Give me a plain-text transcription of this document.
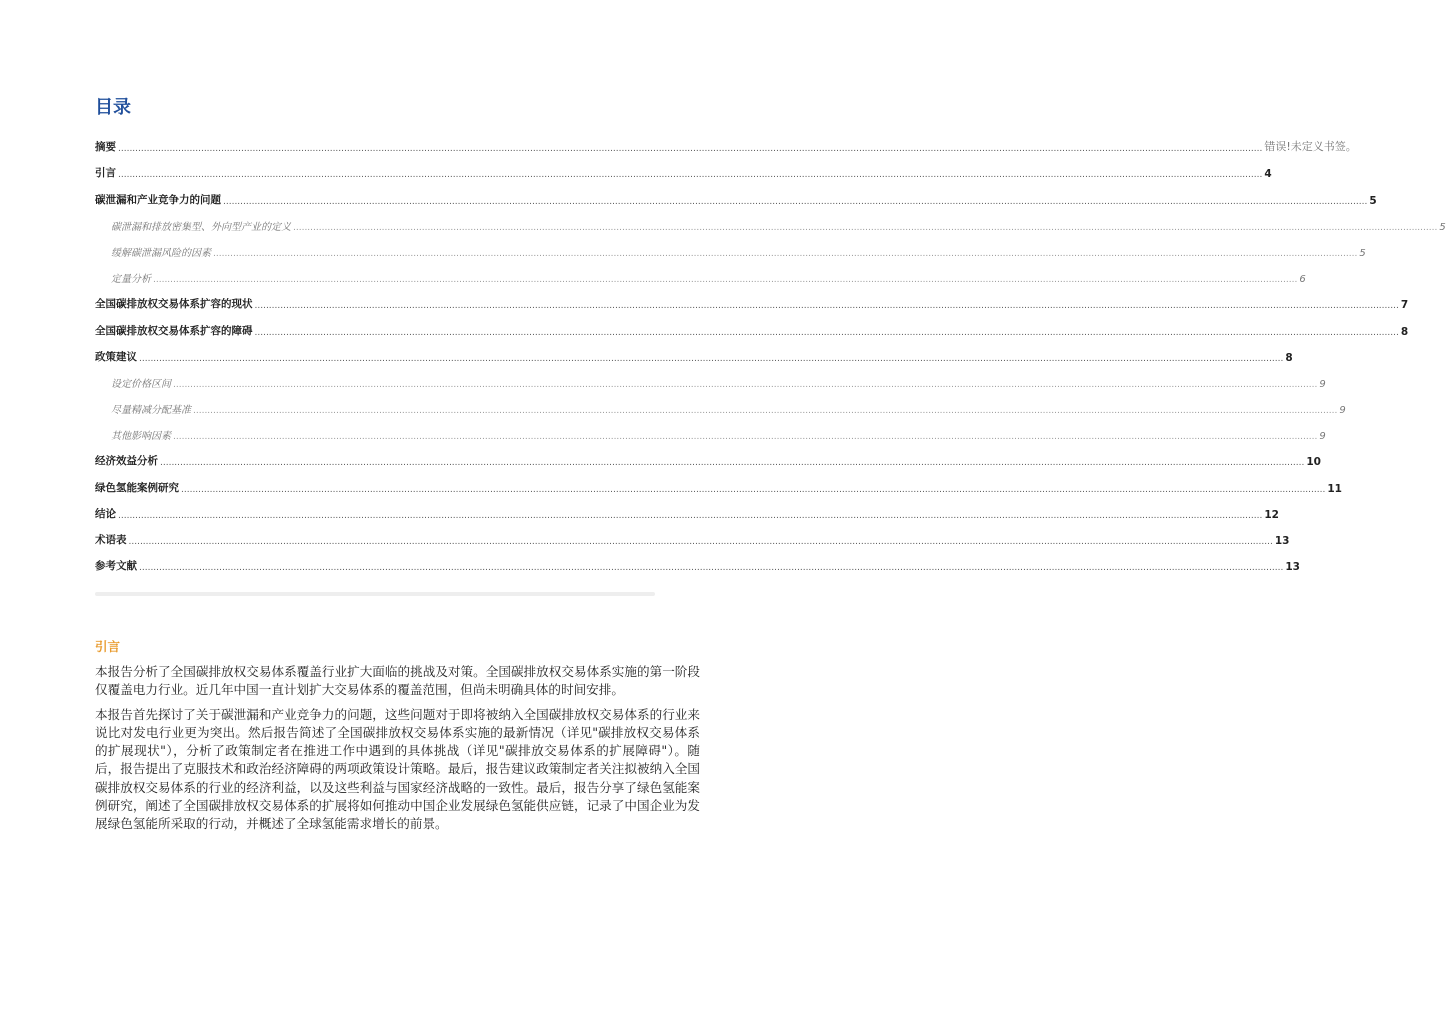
目录
摘要 ................................................................................................................................................................................................................................................................................................................................................................................................................ 错误!未定义书签。
引言 ................................................................................................................................................................................................................................................................................................................................................................................................................ 4
碳泄漏和产业竞争力的问题 ................................................................................................................................................................................................................................................................................................................................................................................................................ 5
碳泄漏和排放密集型、外向型产业的定义 ................................................................................................................................................................................................................................................................................................................................................................................................................ 5
缓解碳泄漏风险的因素 ................................................................................................................................................................................................................................................................................................................................................................................................................ 5
定量分析 ................................................................................................................................................................................................................................................................................................................................................................................................................ 6
全国碳排放权交易体系扩容的现状 ................................................................................................................................................................................................................................................................................................................................................................................................................ 7
全国碳排放权交易体系扩容的障碍 ................................................................................................................................................................................................................................................................................................................................................................................................................ 8
政策建议 ................................................................................................................................................................................................................................................................................................................................................................................................................ 8
设定价格区间 ................................................................................................................................................................................................................................................................................................................................................................................................................ 9
尽量精减分配基准 ................................................................................................................................................................................................................................................................................................................................................................................................................ 9
其他影响因素 ................................................................................................................................................................................................................................................................................................................................................................................................................ 9
经济效益分析 ................................................................................................................................................................................................................................................................................................................................................................................................................ 10
绿色氢能案例研究 ................................................................................................................................................................................................................................................................................................................................................................................................................ 11
结论 ................................................................................................................................................................................................................................................................................................................................................................................................................ 12
术语表 ................................................................................................................................................................................................................................................................................................................................................................................................................ 13
参考文献 ................................................................................................................................................................................................................................................................................................................................................................................................................ 13
引言

本报告分析了全国碳排放权交易体系覆盖行业扩大面临的挑战及对策。全国碳排放权交易体系实施的第一阶段仅覆盖电力行业。近几年中国一直计划扩大交易体系的覆盖范围，但尚未明确具体的时间安排。

本报告首先探讨了关于碳泄漏和产业竞争力的问题，这些问题对于即将被纳入全国碳排放权交易体系的行业来说比对发电行业更为突出。然后报告简述了全国碳排放权交易体系实施的最新情况（详见"碳排放权交易体系的扩展现状"），分析了政策制定者在推进工作中遇到的具体挑战（详见"碳排放交易体系的扩展障碍"）。随后，报告提出了克服技术和政治经济障碍的两项政策设计策略。最后，报告建议政策制定者关注拟被纳入全国碳排放权交易体系的行业的经济利益，以及这些利益与国家经济战略的一致性。最后，报告分享了绿色氢能案例研究，阐述了全国碳排放权交易体系的扩展将如何推动中国企业发展绿色氢能供应链，记录了中国企业为发展绿色氢能所采取的行动，并概述了全球氢能需求增长的前景。
